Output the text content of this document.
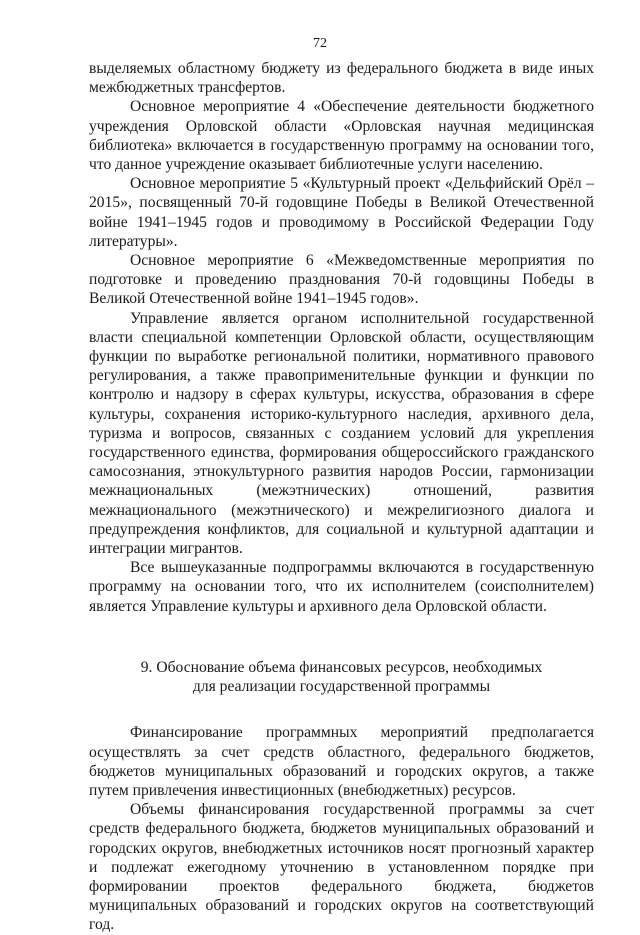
72

выделяемых областному бюджету из федерального бюджета в виде иных межбюджетных трансфертов.

Основное мероприятие 4 «Обеспечение деятельности бюджетного учреждения Орловской области «Орловская научная медицинская библиотека» включается в государственную программу на основании того, что данное учреждение оказывает библиотечные услуги населению.

Основное мероприятие 5 «Культурный проект «Дельфийский Орёл – 2015», посвященный 70-й годовщине Победы в Великой Отечественной войне 1941–1945 годов и проводимому в Российской Федерации Году литературы».

Основное мероприятие 6 «Межведомственные мероприятия по подготовке и проведению празднования 70-й годовщины Победы в Великой Отечественной войне 1941–1945 годов».

Управление является органом исполнительной государственной власти специальной компетенции Орловской области, осуществляющим функции по выработке региональной политики, нормативного правового регулирования, а также правоприменительные функции и функции по контролю и надзору в сферах культуры, искусства, образования в сфере культуры, сохранения историко-культурного наследия, архивного дела, туризма и вопросов, связанных с созданием условий для укрепления государственного единства, формирования общероссийского гражданского самосознания, этнокультурного развития народов России, гармонизации межнациональных (межэтнических) отношений, развития межнационального (межэтнического) и межрелигиозного диалога и предупреждения конфликтов, для социальной и культурной адаптации и интеграции мигрантов.

Все вышеуказанные подпрограммы включаются в государственную программу на основании того, что их исполнителем (соисполнителем) является Управление культуры и архивного дела Орловской области.

9. Обоснование объема финансовых ресурсов, необходимых
для реализации государственной программы

Финансирование программных мероприятий предполагается осуществлять за счет средств областного, федерального бюджетов, бюджетов муниципальных образований и городских округов, а также путем привлечения инвестиционных (внебюджетных) ресурсов.

Объемы финансирования государственной программы за счет средств федерального бюджета, бюджетов муниципальных образований и городских округов, внебюджетных источников носят прогнозный характер и подлежат ежегодному уточнению в установленном порядке при формировании проектов федерального бюджета, бюджетов муниципальных образований и городских округов на соответствующий год.
